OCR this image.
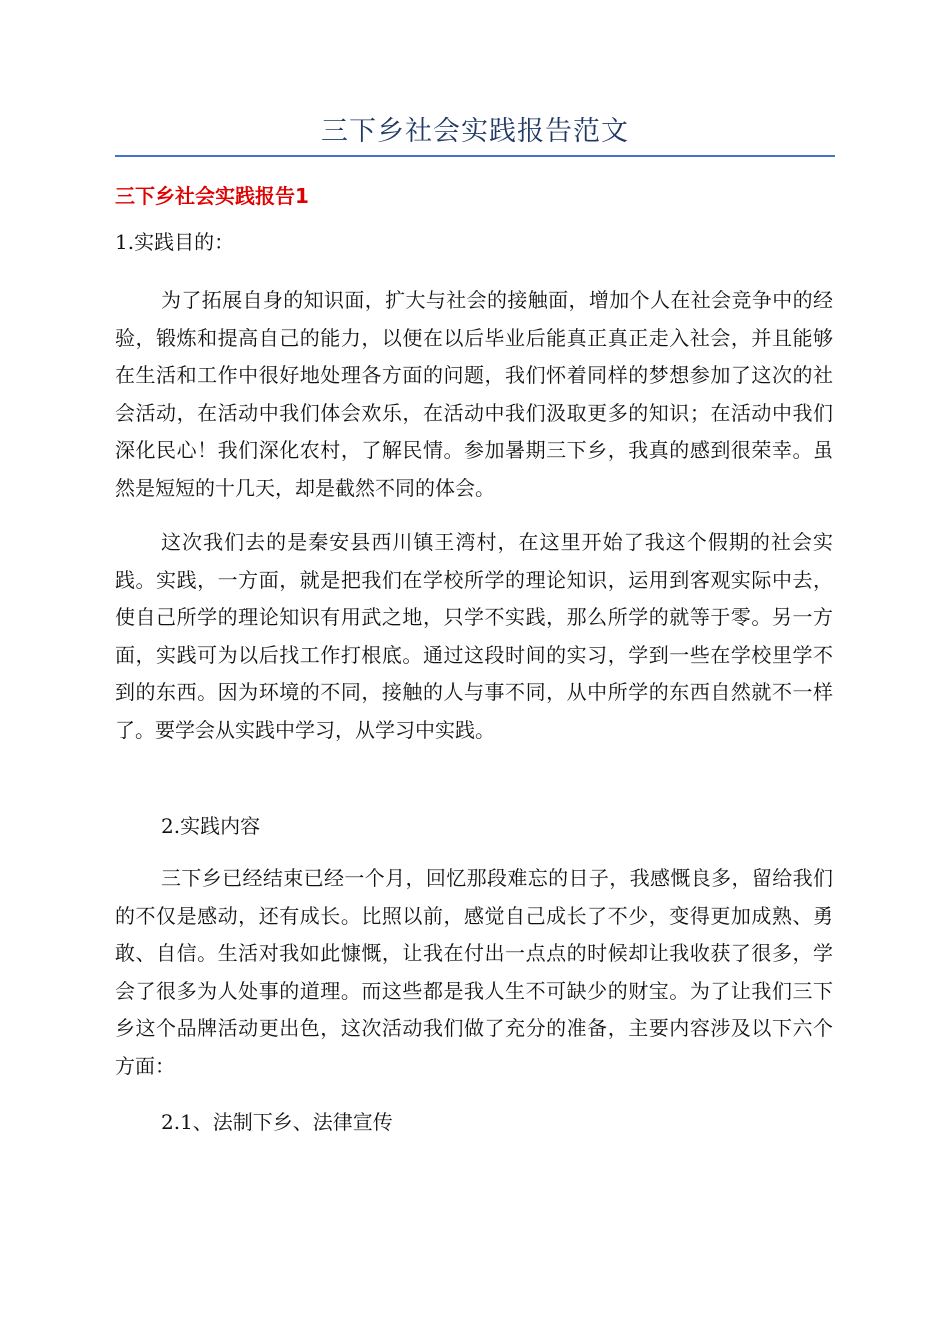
三下乡社会实践报告范文
三下乡社会实践报告1
1.实践目的：

为了拓展自身的知识面，扩大与社会的接触面，增加个人在社会竞争中的经验，锻炼和提高自己的能力，以便在以后毕业后能真正真正走入社会，并且能够在生活和工作中很好地处理各方面的问题，我们怀着同样的梦想参加了这次的社会活动，在活动中我们体会欢乐，在活动中我们汲取更多的知识；在活动中我们深化民心！我们深化农村，了解民情。参加暑期三下乡，我真的感到很荣幸。虽然是短短的十几天，却是截然不同的体会。

这次我们去的是秦安县西川镇王湾村，在这里开始了我这个假期的社会实践。实践，一方面，就是把我们在学校所学的理论知识，运用到客观实际中去，使自己所学的理论知识有用武之地，只学不实践，那么所学的就等于零。另一方面，实践可为以后找工作打根底。通过这段时间的实习，学到一些在学校里学不到的东西。因为环境的不同，接触的人与事不同，从中所学的东西自然就不一样了。要学会从实践中学习，从学习中实践。

2.实践内容

三下乡已经结束已经一个月，回忆那段难忘的日子，我感慨良多，留给我们的不仅是感动，还有成长。比照以前，感觉自己成长了不少，变得更加成熟、勇敢、自信。生活对我如此慷慨，让我在付出一点点的时候却让我收获了很多，学会了很多为人处事的道理。而这些都是我人生不可缺少的财宝。为了让我们三下乡这个品牌活动更出色，这次活动我们做了充分的准备，主要内容涉及以下六个方面：

2.1、法制下乡、法律宣传
